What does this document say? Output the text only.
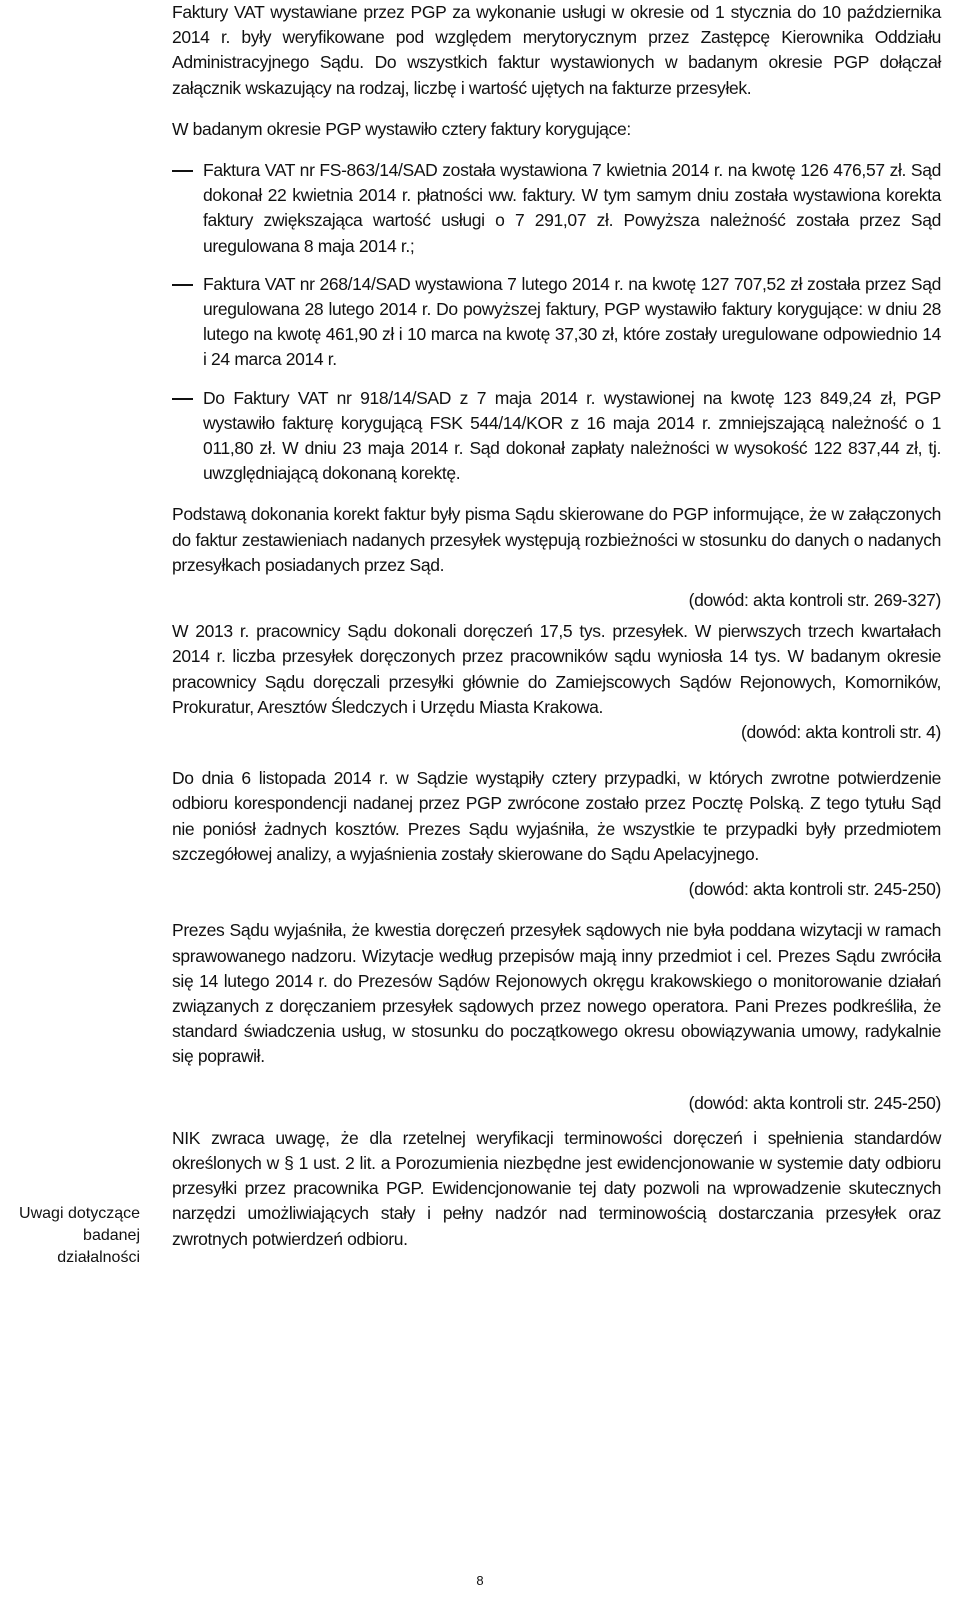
Uwagi dotyczące badanej działalności

Faktury VAT wystawiane przez PGP za wykonanie usługi w okresie od 1 stycznia do 10 października 2014 r. były weryfikowane pod względem merytorycznym przez Zastępcę Kierownika Oddziału Administracyjnego Sądu. Do wszystkich faktur wystawionych w badanym okresie PGP dołączał załącznik wskazujący na rodzaj, liczbę i wartość ujętych na fakturze przesyłek.

W badanym okresie PGP wystawiło cztery faktury korygujące:

Faktura VAT nr FS-863/14/SAD została wystawiona 7 kwietnia 2014 r. na kwotę 126 476,57 zł. Sąd dokonał 22 kwietnia 2014 r. płatności ww. faktury. W tym samym dniu została wystawiona korekta faktury zwiększająca wartość usługi o 7 291,07 zł. Powyższa należność została przez Sąd uregulowana 8 maja 2014 r.;
Faktura VAT nr 268/14/SAD wystawiona 7 lutego 2014 r. na kwotę 127 707,52 zł została przez Sąd uregulowana 28 lutego 2014 r. Do powyższej faktury, PGP wystawiło faktury korygujące: w dniu 28 lutego na kwotę 461,90 zł i 10 marca na kwotę 37,30 zł, które zostały uregulowane odpowiednio 14 i 24 marca 2014 r.
Do Faktury VAT nr 918/14/SAD z 7 maja 2014 r. wystawionej na kwotę 123 849,24 zł, PGP wystawiło fakturę korygującą FSK 544/14/KOR z 16 maja 2014 r. zmniejszającą należność o 1 011,80 zł. W dniu 23 maja 2014 r. Sąd dokonał zapłaty należności w wysokość 122 837,44 zł, tj. uwzględniającą dokonaną korektę.

Podstawą dokonania korekt faktur były pisma Sądu skierowane do PGP informujące, że w załączonych do faktur zestawieniach nadanych przesyłek występują rozbieżności w stosunku do danych o nadanych przesyłkach posiadanych przez Sąd.

(dowód: akta kontroli str. 269-327)

W 2013 r. pracownicy Sądu dokonali doręczeń 17,5 tys. przesyłek. W pierwszych trzech kwartałach 2014 r. liczba przesyłek doręczonych przez pracowników sądu wyniosła 14 tys. W badanym okresie pracownicy Sądu doręczali przesyłki głównie do Zamiejscowych Sądów Rejonowych, Komorników, Prokuratur, Aresztów Śledczych i Urzędu Miasta Krakowa.

(dowód: akta kontroli str. 4)

Do dnia 6 listopada 2014 r. w Sądzie wystąpiły cztery przypadki, w których zwrotne potwierdzenie odbioru korespondencji nadanej przez PGP zwrócone zostało przez Pocztę Polską. Z tego tytułu Sąd nie poniósł żadnych kosztów. Prezes Sądu wyjaśniła, że wszystkie te przypadki były przedmiotem szczegółowej analizy, a wyjaśnienia zostały skierowane do Sądu Apelacyjnego.

(dowód: akta kontroli str. 245-250)

Prezes Sądu wyjaśniła, że kwestia doręczeń przesyłek sądowych nie była poddana wizytacji w ramach sprawowanego nadzoru. Wizytacje według przepisów mają inny przedmiot i cel. Prezes Sądu zwróciła się 14 lutego 2014 r. do Prezesów Sądów Rejonowych okręgu krakowskiego o monitorowanie działań związanych z doręczaniem przesyłek sądowych przez nowego operatora. Pani Prezes podkreśliła, że standard świadczenia usług, w stosunku do początkowego okresu obowiązywania umowy, radykalnie się poprawił.

(dowód: akta kontroli str. 245-250)

NIK zwraca uwagę, że dla rzetelnej weryfikacji terminowości doręczeń i spełnienia standardów określonych w § 1 ust. 2 lit. a Porozumienia niezbędne jest ewidencjonowanie w systemie daty odbioru przesyłki przez pracownika PGP. Ewidencjonowanie tej daty pozwoli na wprowadzenie skutecznych narzędzi umożliwiających stały i pełny nadzór nad terminowością dostarczania przesyłek oraz zwrotnych potwierdzeń odbioru.

8
